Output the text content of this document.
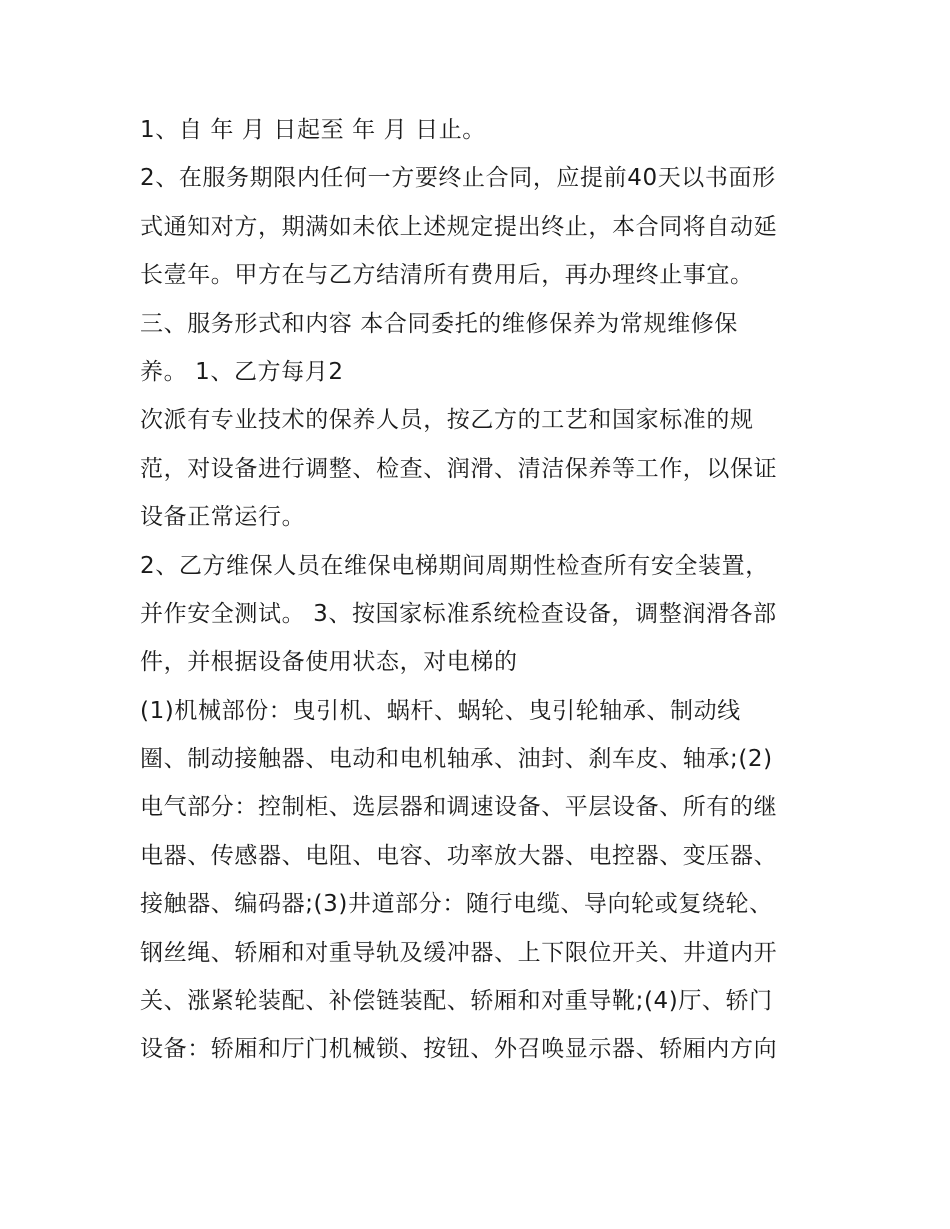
1、自 年 月 日起至 年 月 日止。
2、在服务期限内任何一方要终止合同，应提前40天以书面形
式通知对方，期满如未依上述规定提出终止，本合同将自动延
长壹年。甲方在与乙方结清所有费用后，再办理终止事宜。
三、服务形式和内容 本合同委托的维修保养为常规维修保
养。 1、乙方每月2
次派有专业技术的保养人员，按乙方的工艺和国家标准的规
范，对设备进行调整、检查、润滑、清洁保养等工作，以保证
设备正常运行。
2、乙方维保人员在维保电梯期间周期性检查所有安全装置，
并作安全测试。 3、按国家标准系统检查设备，调整润滑各部
件，并根据设备使用状态，对电梯的
(1)机械部份：曳引机、蜗杆、蜗轮、曳引轮轴承、制动线
圈、制动接触器、电动和电机轴承、油封、刹车皮、轴承;(2)
电气部分：控制柜、选层器和调速设备、平层设备、所有的继
电器、传感器、电阻、电容、功率放大器、电控器、变压器、
接触器、编码器;(3)井道部分：随行电缆、导向轮或复绕轮、
钢丝绳、轿厢和对重导轨及缓冲器、上下限位开关、井道内开
关、涨紧轮装配、补偿链装配、轿厢和对重导靴;(4)厅、轿门
设备：轿厢和厅门机械锁、按钮、外召唤显示器、轿厢内方向
